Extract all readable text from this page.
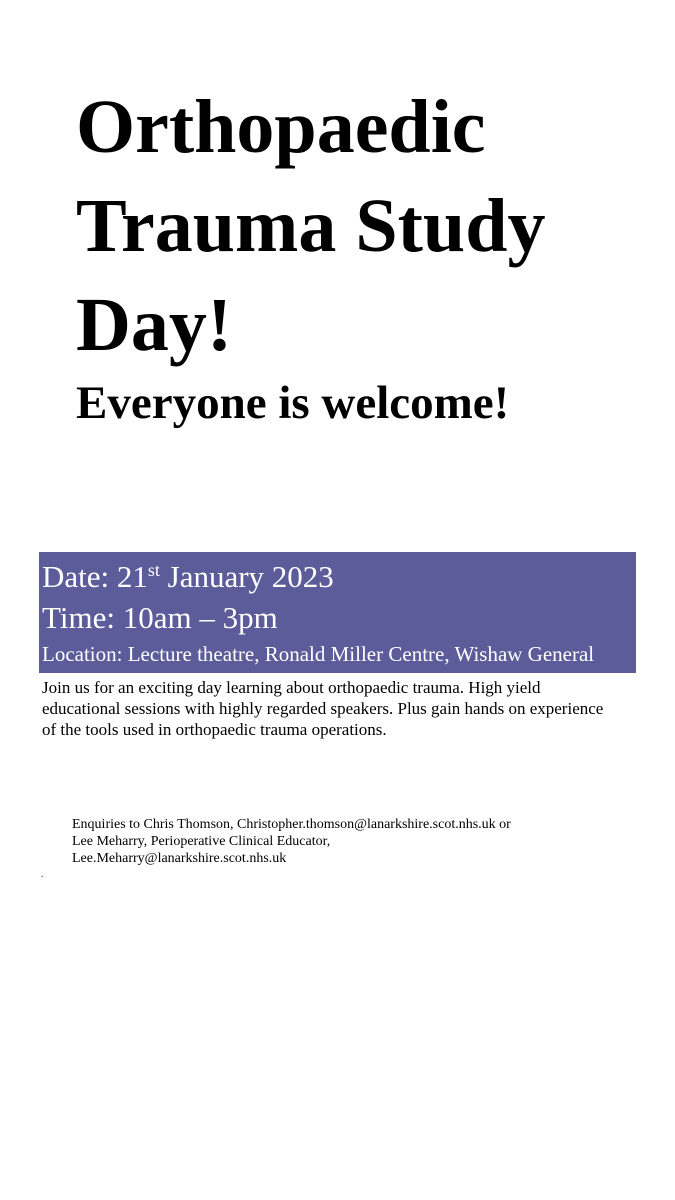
Orthopaedic Trauma Study Day!
Everyone is welcome!
Date: 21st January 2023
Time: 10am – 3pm
Location: Lecture theatre, Ronald Miller Centre, Wishaw General

Join us for an exciting day learning about orthopaedic trauma. High yield
educational sessions with highly regarded speakers. Plus gain hands on experience
of the tools used in orthopaedic trauma operations.

Enquiries to Chris Thomson, Christopher.thomson@lanarkshire.scot.nhs.uk or
Lee Meharry, Perioperative Clinical Educator,
Lee.Meharry@lanarkshire.scot.nhs.uk

.
